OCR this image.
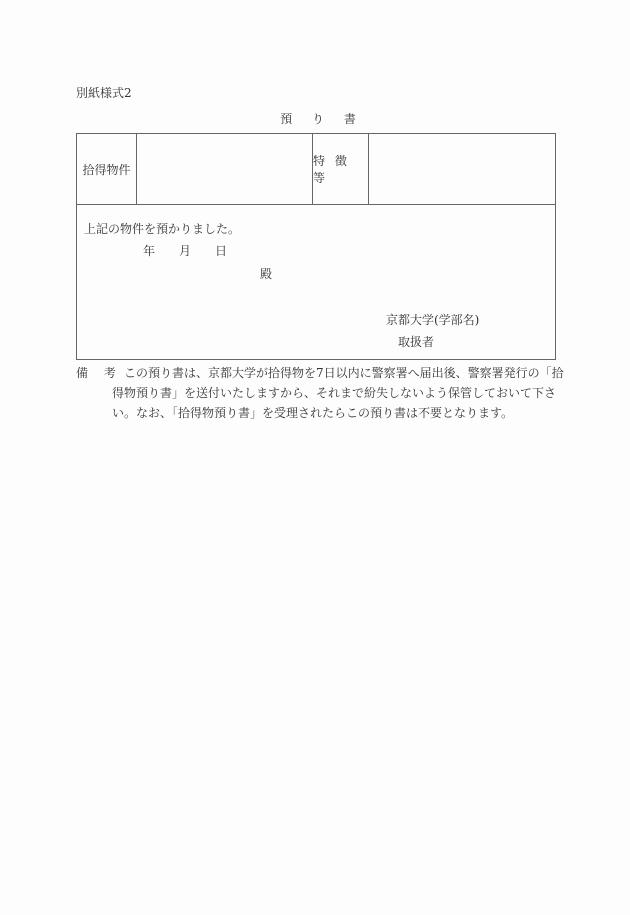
別紙様式2
預 り 書
拾得物件
特 徴 等
上記の物件を預かりました。
年 月 日
殿
京都大学(学部名)
取扱者
備 考 この預り書は、京都大学が拾得物を7日以内に警察署へ届出後、警察署発行の「拾
得物預り書」を送付いたしますから、それまで紛失しないよう保管しておいて下さ
い。なお、「拾得物預り書」を受理されたらこの預り書は不要となります。
